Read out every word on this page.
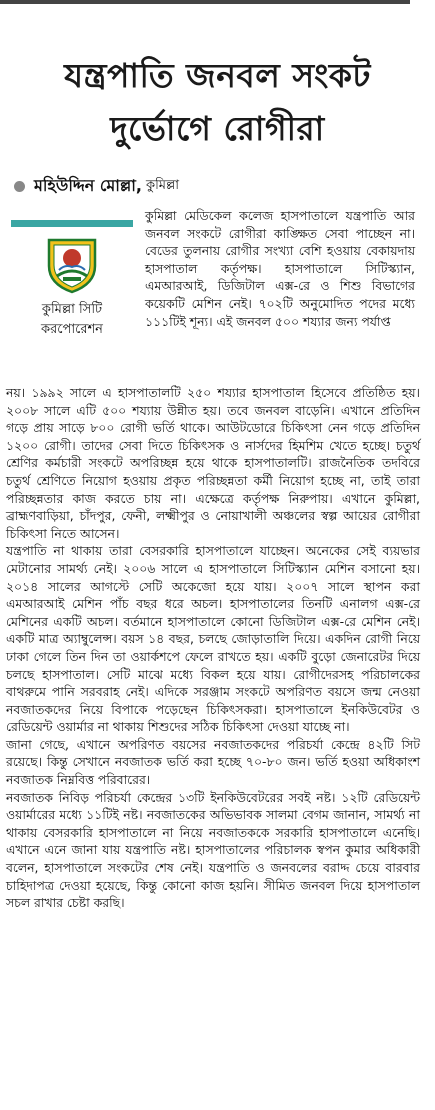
যন্ত্রপাতি জনবল সংকট
দুর্ভোগে রোগীরা
মহিউদ্দিন মোল্লা, কুমিল্লা
কুমিল্লা সিটি
করপোরেশন

কুমিল্লা মেডিকেল কলেজ হাসপাতালে যন্ত্রপাতি আর জনবল সংকটে রোগীরা কাঙ্ক্ষিত সেবা পাচ্ছেন না। বেডের তুলনায় রোগীর সংখ্যা বেশি হওয়ায় বেকায়দায় হাসপাতাল কর্তৃপক্ষ। হাসপাতালে সিটিস্ক্যান, এমআরআই, ডিজিটাল এক্স-রে ও শিশু বিভাগের কয়েকটি মেশিন নেই। ৭০২টি অনুমোদিত পদের মধ্যে ১১১টিই শূন্য। এই জনবল ৫০০ শয্যার জন্য পর্যাপ্ত

নয়। ১৯৯২ সালে এ হাসপাতালটি ২৫০ শয্যার হাসপাতাল হিসেবে প্রতিষ্ঠিত হয়। ২০০৮ সালে এটি ৫০০ শয্যায় উন্নীত হয়। তবে জনবল বাড়েনি। এখানে প্রতিদিন গড়ে প্রায় সাড়ে ৮০০ রোগী ভর্তি থাকে। আউটডোরে চিকিৎসা নেন গড়ে প্রতিদিন ১২০০ রোগী। তাদের সেবা দিতে চিকিৎসক ও নার্সদের হিমশিম খেতে হচ্ছে। চতুর্থ শ্রেণির কর্মচারী সংকটে অপরিচ্ছন্ন হয়ে থাকে হাসপাতালটি। রাজনৈতিক তদবিরে চতুর্থ শ্রেণিতে নিয়োগ হওয়ায় প্রকৃত পরিচ্ছন্নতা কর্মী নিয়োগ হচ্ছে না, তাই তারা পরিচ্ছন্নতার কাজ করতে চায় না। এক্ষেত্রে কর্তৃপক্ষ নিরুপায়। এখানে কুমিল্লা, ব্রাহ্মণবাড়িয়া, চাঁদপুর, ফেনী, লক্ষ্মীপুর ও নোয়াখালী অঞ্চলের স্বল্প আয়ের রোগীরা চিকিৎসা নিতে আসেন।

যন্ত্রপাতি না থাকায় তারা বেসরকারি হাসপাতালে যাচ্ছেন। অনেকের সেই ব্যয়ভার মেটানোর সামর্থ্য নেই। ২০০৬ সালে এ হাসপাতালে সিটিস্ক্যান মেশিন বসানো হয়। ২০১৪ সালের আগস্টে সেটি অকেজো হয়ে যায়। ২০০৭ সালে স্থাপন করা এমআরআই মেশিন পাঁচ বছর ধরে অচল। হাসপাতালের তিনটি এনালগ এক্স-রে মেশিনের একটি অচল। বর্তমানে হাসপাতালে কোনো ডিজিটাল এক্স-রে মেশিন নেই। একটি মাত্র অ্যাম্বুলেন্স। বয়স ১৪ বছর, চলছে জোড়াতালি দিয়ে। একদিন রোগী নিয়ে ঢাকা গেলে তিন দিন তা ওয়ার্কশপে ফেলে রাখতে হয়। একটি বুড়ো জেনারেটর দিয়ে চলছে হাসপাতাল। সেটি মাঝে মধ্যে বিকল হয়ে যায়। রোগীদেরসহ পরিচালকের বাথরুমে পানি সরবরাহ নেই। এদিকে সরঞ্জাম সংকটে অপরিণত বয়সে জন্ম নেওয়া নবজাতকদের নিয়ে বিপাকে পড়েছেন চিকিৎসকরা। হাসপাতালে ইনকিউবেটর ও রেডিয়েন্ট ওয়ার্মার না থাকায় শিশুদের সঠিক চিকিৎসা দেওয়া যাচ্ছে না।

জানা গেছে, এখানে অপরিণত বয়সের নবজাতকদের পরিচর্যা কেন্দ্রে ৪২টি সিট রয়েছে। কিন্তু সেখানে নবজাতক ভর্তি করা হচ্ছে ৭০-৮০ জন। ভর্তি হওয়া অধিকাংশ নবজাতক নিম্নবিত্ত পরিবারের।

নবজাতক নিবিড় পরিচর্যা কেন্দ্রের ১৩টি ইনকিউবেটরের সবই নষ্ট। ১২টি রেডিয়েন্ট ওয়ার্মারের মধ্যে ১১টিই নষ্ট। নবজাতকের অভিভাবক সালমা বেগম জানান, সামর্থ্য না থাকায় বেসরকারি হাসপাতালে না নিয়ে নবজাতককে সরকারি হাসপাতালে এনেছি। এখানে এনে জানা যায় যন্ত্রপাতি নষ্ট। হাসপাতালের পরিচালক স্বপন কুমার অধিকারী বলেন, হাসপাতালে সংকটের শেষ নেই। যন্ত্রপাতি ও জনবলের বরাদ্দ চেয়ে বারবার চাহিদাপত্র দেওয়া হয়েছে, কিন্তু কোনো কাজ হয়নি। সীমিত জনবল দিয়ে হাসপাতাল সচল রাখার চেষ্টা করছি।
